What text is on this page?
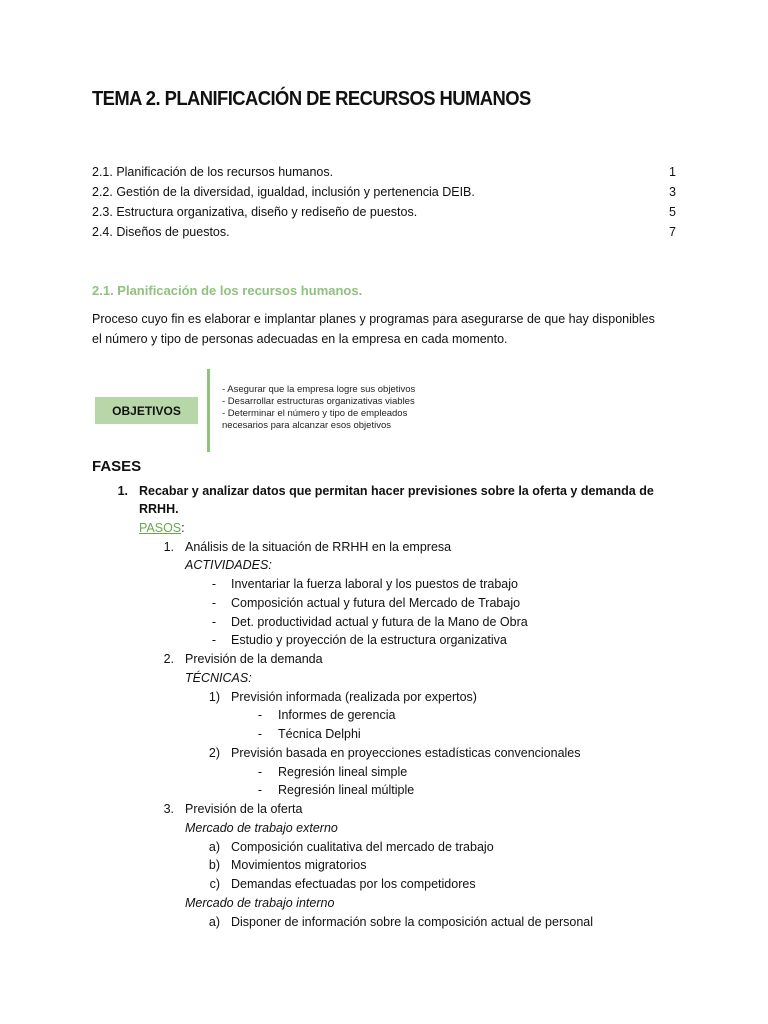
TEMA 2. PLANIFICACIÓN DE RECURSOS HUMANOS
2.1. Planificación de los recursos humanos.	1
2.2. Gestión de la diversidad, igualdad, inclusión y pertenencia DEIB.	3
2.3. Estructura organizativa, diseño y rediseño de puestos.	5
2.4. Diseños de puestos.	7
2.1. Planificación de los recursos humanos.
Proceso cuyo fin es elaborar e implantar planes y programas para asegurarse de que hay disponibles
el número y tipo de personas adecuadas en la empresa en cada momento.
OBJETIVOS
- Asegurar que la empresa logre sus objetivos
- Desarrollar estructuras organizativas viables
- Determinar el número y tipo de empleados
necesarios para alcanzar esos objetivos
FASES
1. Recabar y analizar datos que permitan hacer previsiones sobre la oferta y demanda de
RRHH.
PASOS:
1. Análisis de la situación de RRHH en la empresa
ACTIVIDADES:
- Inventariar la fuerza laboral y los puestos de trabajo
- Composición actual y futura del Mercado de Trabajo
- Det. productividad actual y futura de la Mano de Obra
- Estudio y proyección de la estructura organizativa
2. Previsión de la demanda
TÉCNICAS:
1) Previsión informada (realizada por expertos)
- Informes de gerencia
- Técnica Delphi
2) Previsión basada en proyecciones estadísticas convencionales
- Regresión lineal simple
- Regresión lineal múltiple
3. Previsión de la oferta
Mercado de trabajo externo
a) Composición cualitativa del mercado de trabajo
b) Movimientos migratorios
c) Demandas efectuadas por los competidores
Mercado de trabajo interno
a) Disponer de información sobre la composición actual de personal
